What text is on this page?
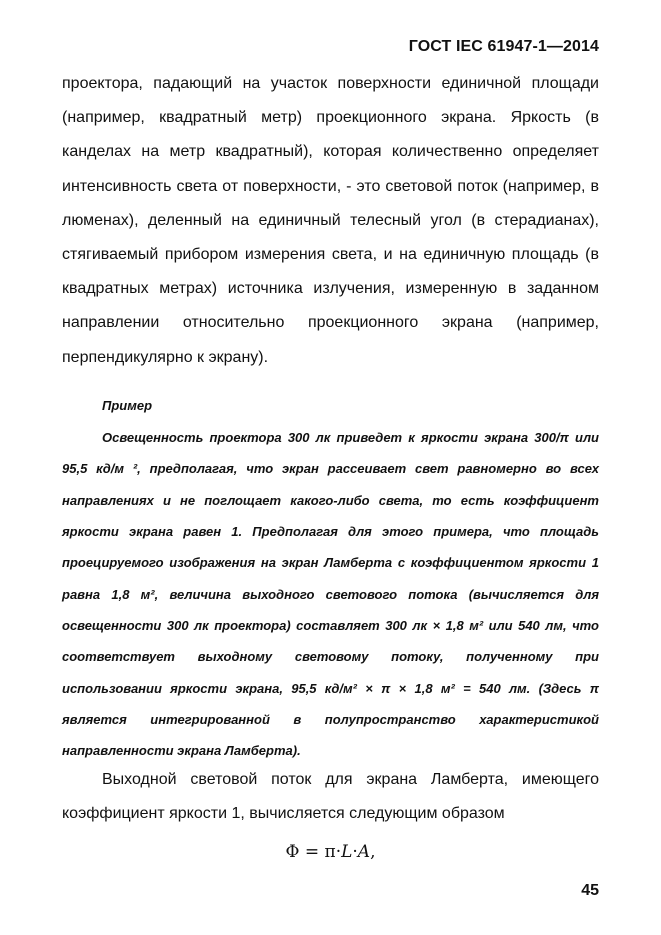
ГОСТ IEC 61947-1—2014

проектора, падающий на участок поверхности единичной площади (например, квадратный метр) проекционного экрана. Яркость (в канделах на метр квадратный), которая количественно определяет интенсивность света от поверхности, - это световой поток (например, в люменах), деленный на единичный телесный угол (в стерадианах), стягиваемый прибором измерения света, и на единичную площадь (в квадратных метрах) источника излучения, измеренную в заданном направлении относительно проекционного экрана (например, перпендикулярно к экрану).

Пример

Освещенность проектора 300 лк приведет к яркости экрана 300/π или 95,5 кд/м ², предполагая, что экран рассеивает свет равномерно во всех направлениях и не поглощает какого-либо света, то есть коэффициент яркости экрана равен 1. Предполагая для этого примера, что площадь проецируемого изображения на экран Ламберта с коэффициентом яркости 1 равна 1,8 м², величина выходного светового потока (вычисляется для освещенности 300 лк проектора) составляет 300 лк × 1,8 м² или 540 лм, что соответствует выходному световому потоку, полученному при использовании яркости экрана, 95,5 кд/м² × π × 1,8 м² = 540 лм. (Здесь π является интегрированной в полупространство характеристикой направленности экрана Ламберта).

Выходной световой поток для экрана Ламберта, имеющего коэффициент яркости 1, вычисляется следующим образом

Φ = π·L·A,
45
